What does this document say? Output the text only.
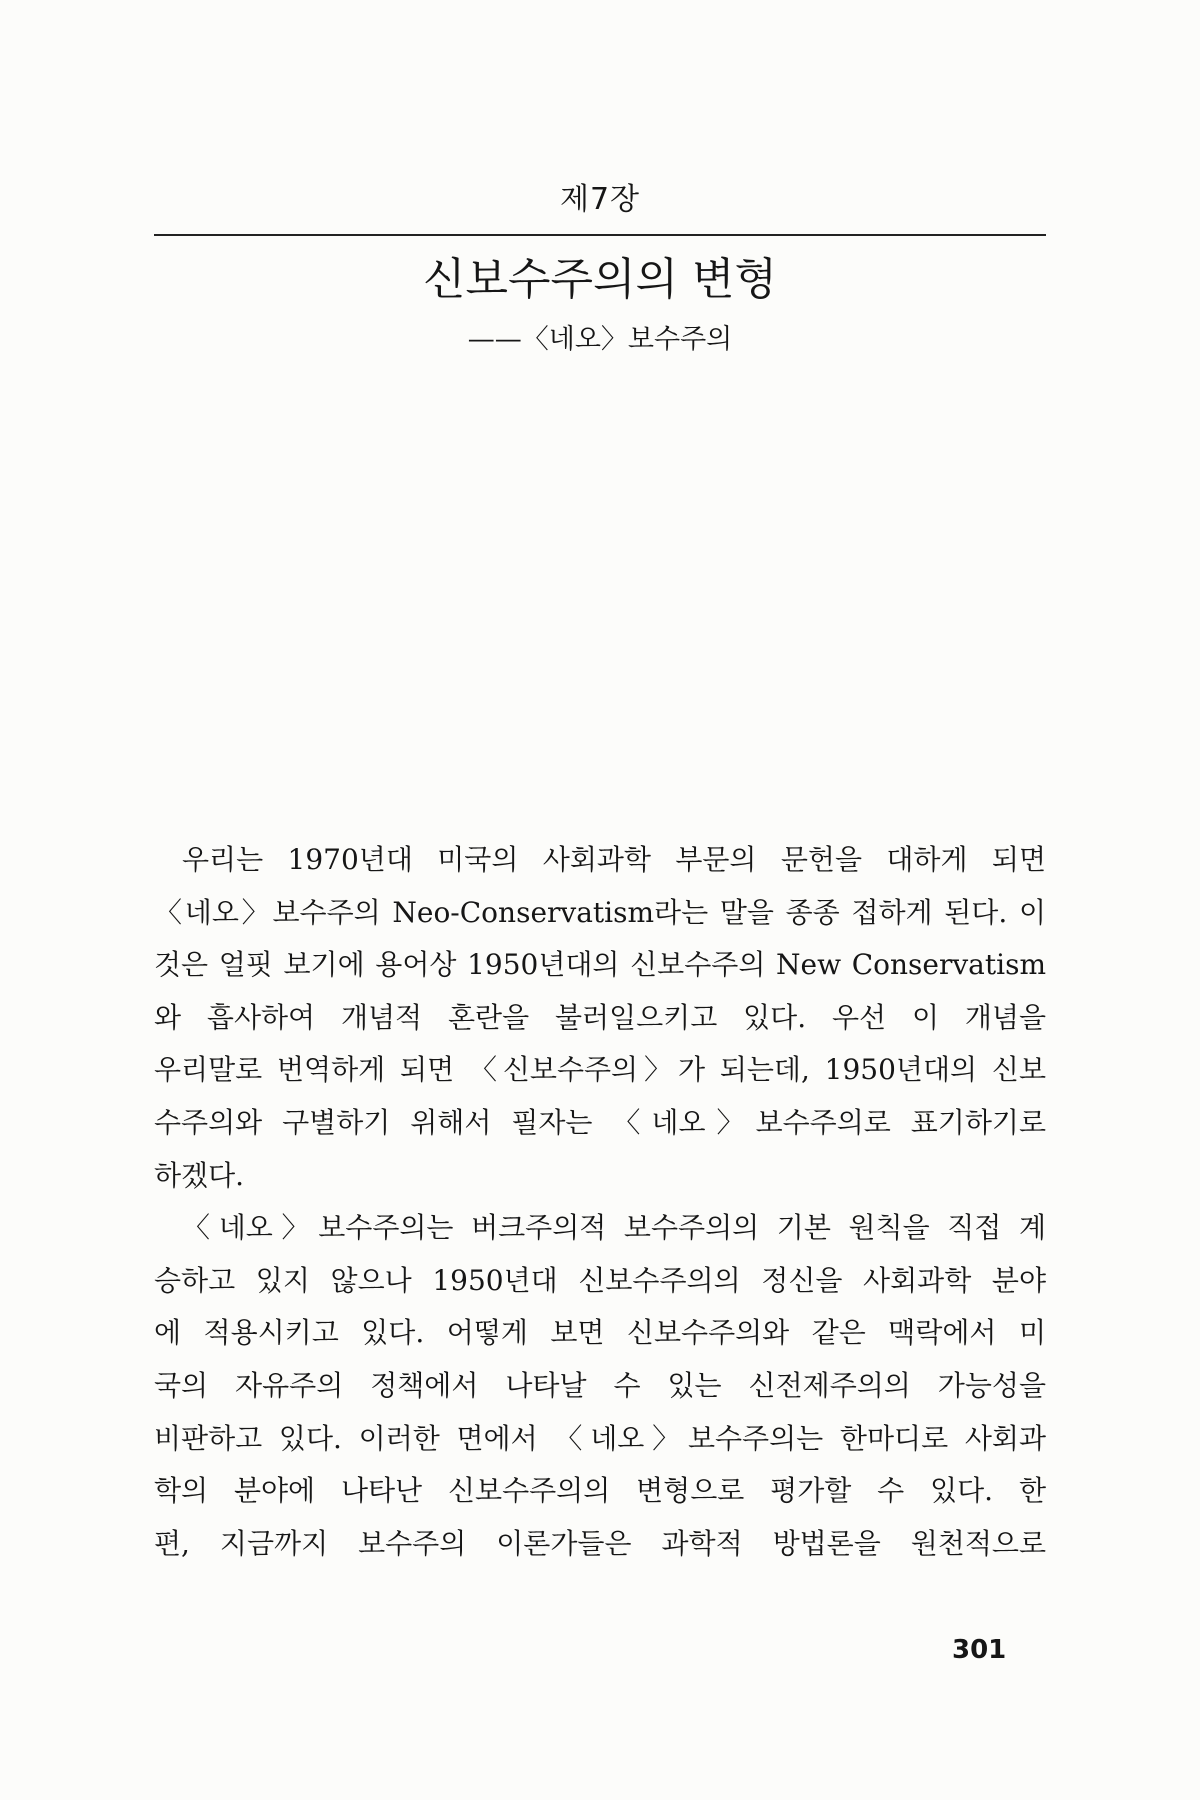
제7장
신보수주의의 변형
——〈네오〉보수주의
우리는 1970년대 미국의 사회과학 부문의 문헌을 대하게 되면
〈네오〉보수주의 Neo-Conservatism라는 말을 종종 접하게 된다. 이
것은 얼핏 보기에 용어상 1950년대의 신보수주의 New Conservatism
와 흡사하여 개념적 혼란을 불러일으키고 있다. 우선 이 개념을
우리말로 번역하게 되면 〈신보수주의〉가 되는데, 1950년대의 신보
수주의와 구별하기 위해서 필자는 〈네오〉보수주의로 표기하기로
하겠다.
〈네오〉보수주의는 버크주의적 보수주의의 기본 원칙을 직접 계
승하고 있지 않으나 1950년대 신보수주의의 정신을 사회과학 분야
에 적용시키고 있다. 어떻게 보면 신보수주의와 같은 맥락에서 미
국의 자유주의 정책에서 나타날 수 있는 신전제주의의 가능성을
비판하고 있다. 이러한 면에서 〈네오〉보수주의는 한마디로 사회과
학의 분야에 나타난 신보수주의의 변형으로 평가할 수 있다. 한
편, 지금까지 보수주의 이론가들은 과학적 방법론을 원천적으로
301
